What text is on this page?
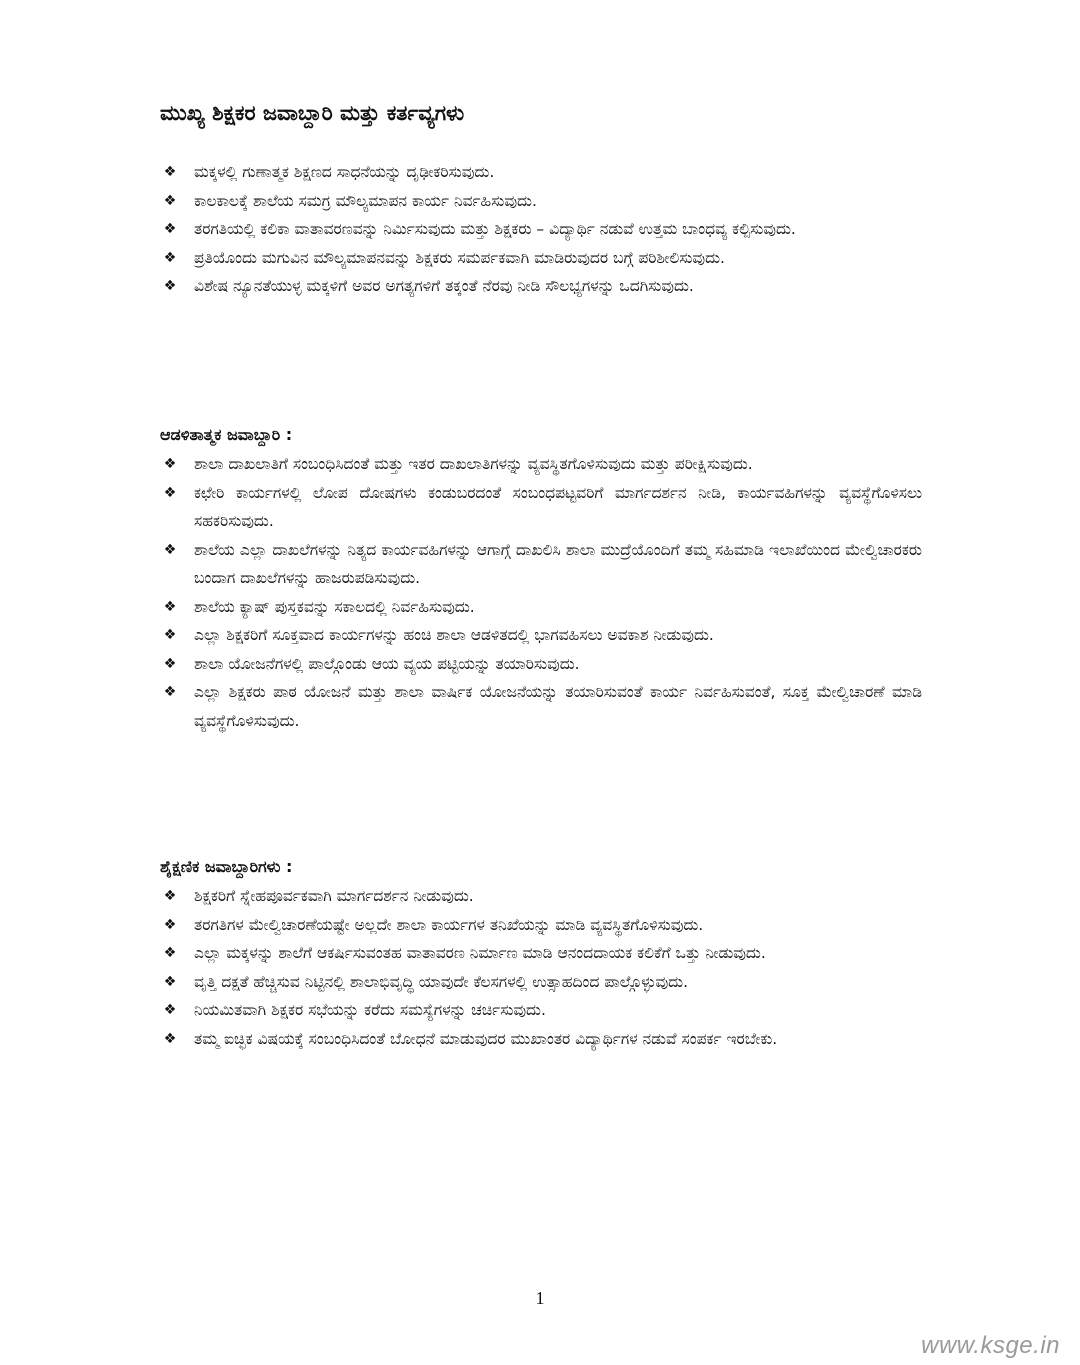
ಮುಖ್ಯ ಶಿಕ್ಷಕರ ಜವಾಬ್ದಾರಿ ಮತ್ತು ಕರ್ತವ್ಯಗಳು
❖ ಮಕ್ಕಳಲ್ಲಿ ಗುಣಾತ್ಮಕ ಶಿಕ್ಷಣದ ಸಾಧನೆಯನ್ನು ದೃಢೀಕರಿಸುವುದು.
❖ ಕಾಲಕಾಲಕ್ಕೆ ಶಾಲೆಯ ಸಮಗ್ರ ಮೌಲ್ಯಮಾಪನ ಕಾರ್ಯ ನಿರ್ವಹಿಸುವುದು.
❖ ತರಗತಿಯಲ್ಲಿ ಕಲಿಕಾ ವಾತಾವರಣವನ್ನು ನಿರ್ಮಿಸುವುದು ಮತ್ತು ಶಿಕ್ಷಕರು – ವಿದ್ಯಾರ್ಥಿ ನಡುವೆ ಉತ್ತಮ ಬಾಂಧವ್ಯ ಕಲ್ಪಿಸುವುದು.
❖ ಪ್ರತಿಯೊಂದು ಮಗುವಿನ ಮೌಲ್ಯಮಾಪನವನ್ನು ಶಿಕ್ಷಕರು ಸಮರ್ಪಕವಾಗಿ ಮಾಡಿರುವುದರ ಬಗ್ಗೆ ಪರಿಶೀಲಿಸುವುದು.
❖ ವಿಶೇಷ ನ್ಯೂನತೆಯುಳ್ಳ ಮಕ್ಕಳಿಗೆ ಅವರ ಅಗತ್ಯಗಳಿಗೆ ತಕ್ಕಂತೆ ನೆರವು ನೀಡಿ ಸೌಲಭ್ಯಗಳನ್ನು ಒದಗಿಸುವುದು.
ಆಡಳಿತಾತ್ಮಕ ಜವಾಬ್ದಾರಿ :
❖ ಶಾಲಾ ದಾಖಲಾತಿಗೆ ಸಂಬಂಧಿಸಿದಂತೆ ಮತ್ತು ಇತರ ದಾಖಲಾತಿಗಳನ್ನು ವ್ಯವಸ್ಥಿತಗೊಳಿಸುವುದು ಮತ್ತು ಪರೀಕ್ಷಿಸುವುದು.
❖ ಕಛೇರಿ ಕಾರ್ಯಗಳಲ್ಲಿ ಲೋಪ ದೋಷಗಳು ಕಂಡುಬರದಂತೆ ಸಂಬಂಧಪಟ್ಟವರಿಗೆ ಮಾರ್ಗದರ್ಶನ ನೀಡಿ, ಕಾರ್ಯವಹಿಗಳನ್ನು ವ್ಯವಸ್ಥೆಗೊಳಿಸಲು ಸಹಕರಿಸುವುದು.
❖ ಶಾಲೆಯ ಎಲ್ಲಾ ದಾಖಲೆಗಳನ್ನು ನಿತ್ಯದ ಕಾರ್ಯವಹಿಗಳನ್ನು ಆಗಾಗ್ಗೆ ದಾಖಲಿಸಿ ಶಾಲಾ ಮುದ್ರೆಯೊಂದಿಗೆ ತಮ್ಮ ಸಹಿಮಾಡಿ ಇಲಾಖೆಯಿಂದ ಮೇಲ್ವಿಚಾರಕರು ಬಂದಾಗ ದಾಖಲೆಗಳನ್ನು ಹಾಜರುಪಡಿಸುವುದು.
❖ ಶಾಲೆಯ ಕ್ಯಾಷ್ ಪುಸ್ತಕವನ್ನು ಸಕಾಲದಲ್ಲಿ ನಿರ್ವಹಿಸುವುದು.
❖ ಎಲ್ಲಾ ಶಿಕ್ಷಕರಿಗೆ ಸೂಕ್ತವಾದ ಕಾರ್ಯಗಳನ್ನು ಹಂಚಿ ಶಾಲಾ ಆಡಳಿತದಲ್ಲಿ ಭಾಗವಹಿಸಲು ಅವಕಾಶ ನೀಡುವುದು.
❖ ಶಾಲಾ ಯೋಜನೆಗಳಲ್ಲಿ ಪಾಲ್ಗೊಂಡು ಆಯ ವ್ಯಯ ಪಟ್ಟಿಯನ್ನು ತಯಾರಿಸುವುದು.
❖ ಎಲ್ಲಾ ಶಿಕ್ಷಕರು ಪಾಠ ಯೋಜನೆ ಮತ್ತು ಶಾಲಾ ವಾರ್ಷಿಕ ಯೋಜನೆಯನ್ನು ತಯಾರಿಸುವಂತೆ ಕಾರ್ಯ ನಿರ್ವಹಿಸುವಂತೆ, ಸೂಕ್ತ ಮೇಲ್ವಿಚಾರಣೆ ಮಾಡಿ ವ್ಯವಸ್ಥೆಗೊಳಿಸುವುದು.
ಶೈಕ್ಷಣಿಕ ಜವಾಬ್ದಾರಿಗಳು :
❖ ಶಿಕ್ಷಕರಿಗೆ ಸ್ನೇಹಪೂರ್ವಕವಾಗಿ ಮಾರ್ಗದರ್ಶನ ನೀಡುವುದು.
❖ ತರಗತಿಗಳ ಮೇಲ್ವಿಚಾರಣೆಯಷ್ಟೇ ಅಲ್ಲದೇ ಶಾಲಾ ಕಾರ್ಯಗಳ ತನಿಖೆಯನ್ನು ಮಾಡಿ ವ್ಯವಸ್ಥಿತಗೊಳಿಸುವುದು.
❖ ಎಲ್ಲಾ ಮಕ್ಕಳನ್ನು ಶಾಲೆಗೆ ಆಕರ್ಷಿಸುವಂತಹ ವಾತಾವರಣ ನಿರ್ಮಾಣ ಮಾಡಿ ಆನಂದದಾಯಕ ಕಲಿಕೆಗೆ ಒತ್ತು ನೀಡುವುದು.
❖ ವೃತ್ತಿ ದಕ್ಷತೆ ಹೆಚ್ಚಿಸುವ ನಿಟ್ಟಿನಲ್ಲಿ ಶಾಲಾಭಿವೃದ್ಧಿ ಯಾವುದೇ ಕೆಲಸಗಳಲ್ಲಿ ಉತ್ಸಾಹದಿಂದ ಪಾಲ್ಗೊಳ್ಳುವುದು.
❖ ನಿಯಮಿತವಾಗಿ ಶಿಕ್ಷಕರ ಸಭೆಯನ್ನು ಕರೆದು ಸಮಸ್ಯೆಗಳನ್ನು ಚರ್ಚಿಸುವುದು.
❖ ತಮ್ಮ ಐಚ್ಛಿಕ ವಿಷಯಕ್ಕೆ ಸಂಬಂಧಿಸಿದಂತೆ ಬೋಧನೆ ಮಾಡುವುದರ ಮುಖಾಂತರ ವಿದ್ಯಾರ್ಥಿಗಳ ನಡುವೆ ಸಂಪರ್ಕ ಇರಬೇಕು.
1
www.ksge.in
